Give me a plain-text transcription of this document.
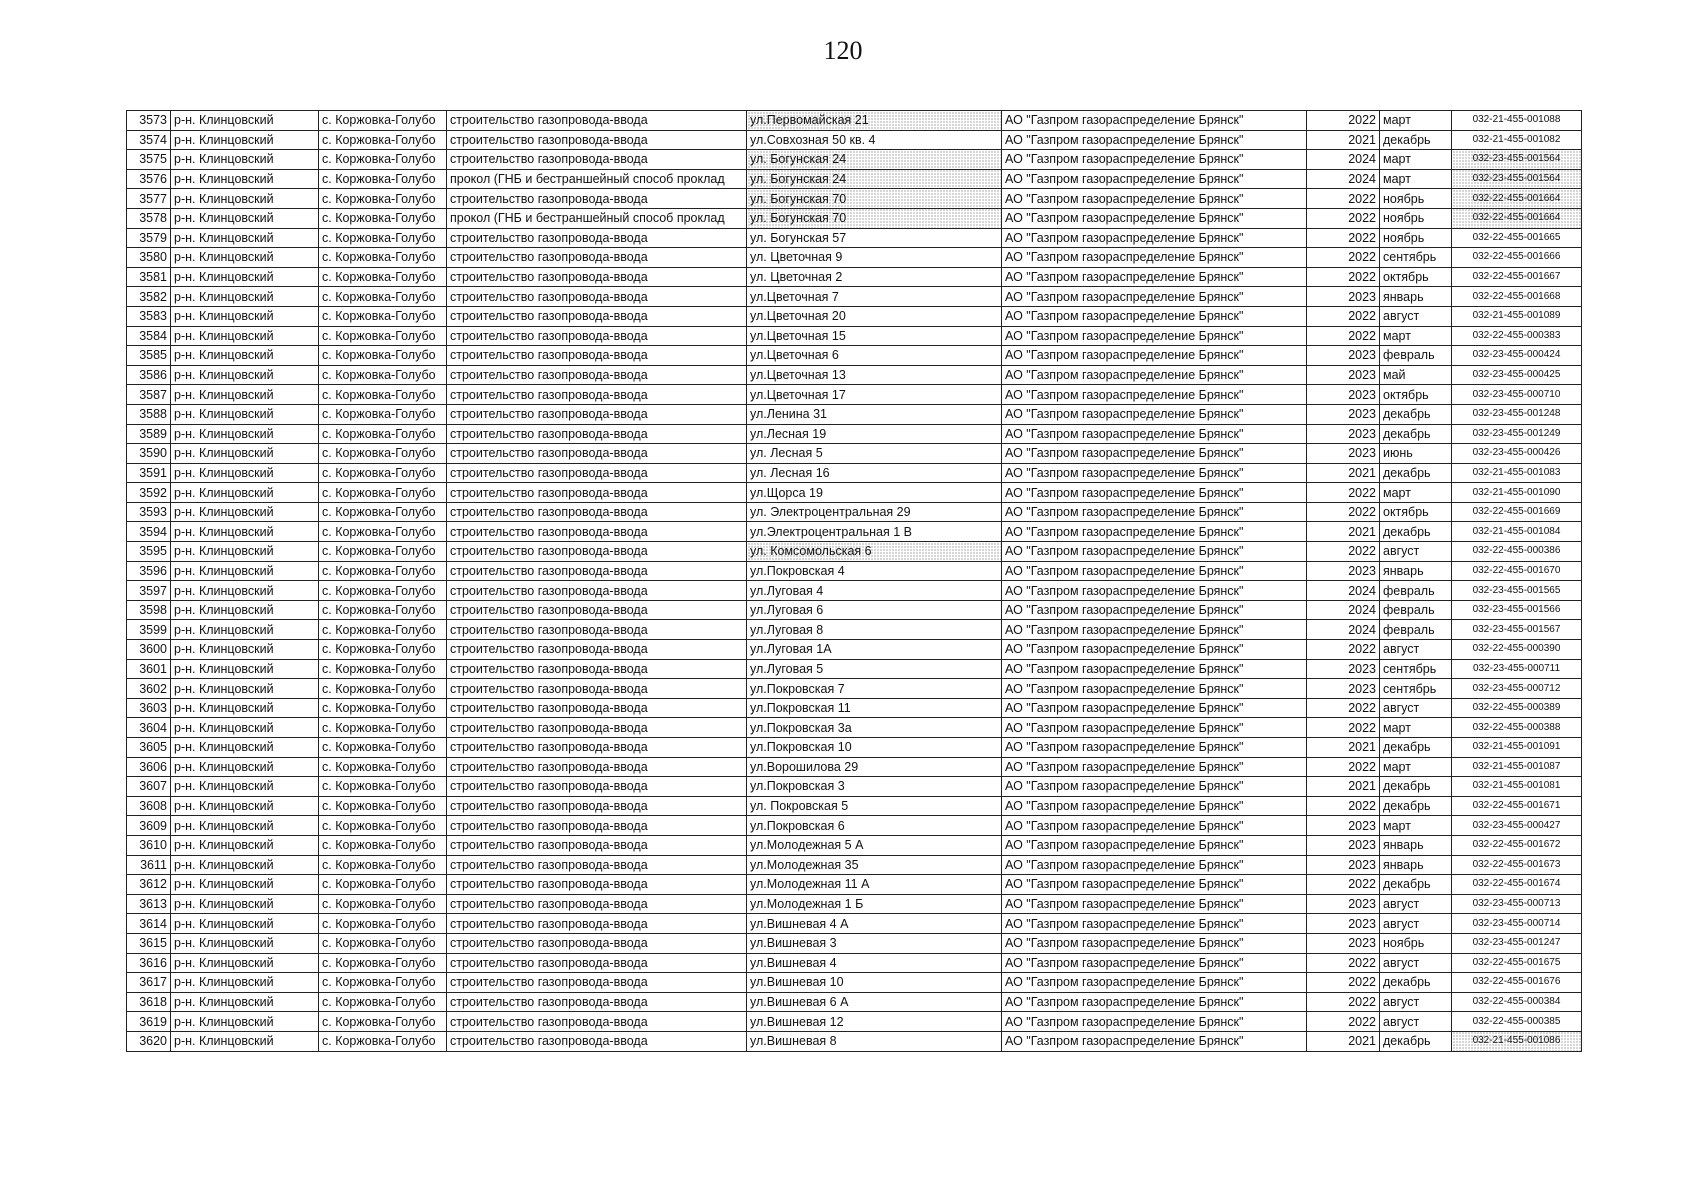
120
3573	р-н. Клинцовский	с. Коржовка-Голубо	строительство газопровода-ввода	ул.Первомайская 21	АО "Газпром газораспределение Брянск"	2022	март	032-21-455-001088
3574	р-н. Клинцовский	с. Коржовка-Голубо	строительство газопровода-ввода	ул.Совхозная 50 кв. 4	АО "Газпром газораспределение Брянск"	2021	декабрь	032-21-455-001082
3575	р-н. Клинцовский	с. Коржовка-Голубо	строительство газопровода-ввода	ул. Богунская 24	АО "Газпром газораспределение Брянск"	2024	март	032-23-455-001564
3576	р-н. Клинцовский	с. Коржовка-Голубо	прокол (ГНБ и бестраншейный способ проклад	ул. Богунская 24	АО "Газпром газораспределение Брянск"	2024	март	032-23-455-001564
3577	р-н. Клинцовский	с. Коржовка-Голубо	строительство газопровода-ввода	ул. Богунская 70	АО "Газпром газораспределение Брянск"	2022	ноябрь	032-22-455-001664
3578	р-н. Клинцовский	с. Коржовка-Голубо	прокол (ГНБ и бестраншейный способ проклад	ул. Богунская 70	АО "Газпром газораспределение Брянск"	2022	ноябрь	032-22-455-001664
3579	р-н. Клинцовский	с. Коржовка-Голубо	строительство газопровода-ввода	ул. Богунская 57	АО "Газпром газораспределение Брянск"	2022	ноябрь	032-22-455-001665
3580	р-н. Клинцовский	с. Коржовка-Голубо	строительство газопровода-ввода	ул. Цветочная 9	АО "Газпром газораспределение Брянск"	2022	сентябрь	032-22-455-001666
3581	р-н. Клинцовский	с. Коржовка-Голубо	строительство газопровода-ввода	ул. Цветочная 2	АО "Газпром газораспределение Брянск"	2022	октябрь	032-22-455-001667
3582	р-н. Клинцовский	с. Коржовка-Голубо	строительство газопровода-ввода	ул.Цветочная 7	АО "Газпром газораспределение Брянск"	2023	январь	032-22-455-001668
3583	р-н. Клинцовский	с. Коржовка-Голубо	строительство газопровода-ввода	ул.Цветочная 20	АО "Газпром газораспределение Брянск"	2022	август	032-21-455-001089
3584	р-н. Клинцовский	с. Коржовка-Голубо	строительство газопровода-ввода	ул.Цветочная 15	АО "Газпром газораспределение Брянск"	2022	март	032-22-455-000383
3585	р-н. Клинцовский	с. Коржовка-Голубо	строительство газопровода-ввода	ул.Цветочная 6	АО "Газпром газораспределение Брянск"	2023	февраль	032-23-455-000424
3586	р-н. Клинцовский	с. Коржовка-Голубо	строительство газопровода-ввода	ул.Цветочная 13	АО "Газпром газораспределение Брянск"	2023	май	032-23-455-000425
3587	р-н. Клинцовский	с. Коржовка-Голубо	строительство газопровода-ввода	ул.Цветочная 17	АО "Газпром газораспределение Брянск"	2023	октябрь	032-23-455-000710
3588	р-н. Клинцовский	с. Коржовка-Голубо	строительство газопровода-ввода	ул.Ленина 31	АО "Газпром газораспределение Брянск"	2023	декабрь	032-23-455-001248
3589	р-н. Клинцовский	с. Коржовка-Голубо	строительство газопровода-ввода	ул.Лесная 19	АО "Газпром газораспределение Брянск"	2023	декабрь	032-23-455-001249
3590	р-н. Клинцовский	с. Коржовка-Голубо	строительство газопровода-ввода	ул. Лесная 5	АО "Газпром газораспределение Брянск"	2023	июнь	032-23-455-000426
3591	р-н. Клинцовский	с. Коржовка-Голубо	строительство газопровода-ввода	ул. Лесная 16	АО "Газпром газораспределение Брянск"	2021	декабрь	032-21-455-001083
3592	р-н. Клинцовский	с. Коржовка-Голубо	строительство газопровода-ввода	ул.Щорса 19	АО "Газпром газораспределение Брянск"	2022	март	032-21-455-001090
3593	р-н. Клинцовский	с. Коржовка-Голубо	строительство газопровода-ввода	ул. Электроцентральная 29	АО "Газпром газораспределение Брянск"	2022	октябрь	032-22-455-001669
3594	р-н. Клинцовский	с. Коржовка-Голубо	строительство газопровода-ввода	ул.Электроцентральная 1 В	АО "Газпром газораспределение Брянск"	2021	декабрь	032-21-455-001084
3595	р-н. Клинцовский	с. Коржовка-Голубо	строительство газопровода-ввода	ул. Комсомольская 6	АО "Газпром газораспределение Брянск"	2022	август	032-22-455-000386
3596	р-н. Клинцовский	с. Коржовка-Голубо	строительство газопровода-ввода	ул.Покровская 4	АО "Газпром газораспределение Брянск"	2023	январь	032-22-455-001670
3597	р-н. Клинцовский	с. Коржовка-Голубо	строительство газопровода-ввода	ул.Луговая 4	АО "Газпром газораспределение Брянск"	2024	февраль	032-23-455-001565
3598	р-н. Клинцовский	с. Коржовка-Голубо	строительство газопровода-ввода	ул.Луговая 6	АО "Газпром газораспределение Брянск"	2024	февраль	032-23-455-001566
3599	р-н. Клинцовский	с. Коржовка-Голубо	строительство газопровода-ввода	ул.Луговая 8	АО "Газпром газораспределение Брянск"	2024	февраль	032-23-455-001567
3600	р-н. Клинцовский	с. Коржовка-Голубо	строительство газопровода-ввода	ул.Луговая 1А	АО "Газпром газораспределение Брянск"	2022	август	032-22-455-000390
3601	р-н. Клинцовский	с. Коржовка-Голубо	строительство газопровода-ввода	ул.Луговая 5	АО "Газпром газораспределение Брянск"	2023	сентябрь	032-23-455-000711
3602	р-н. Клинцовский	с. Коржовка-Голубо	строительство газопровода-ввода	ул.Покровская 7	АО "Газпром газораспределение Брянск"	2023	сентябрь	032-23-455-000712
3603	р-н. Клинцовский	с. Коржовка-Голубо	строительство газопровода-ввода	ул.Покровская 11	АО "Газпром газораспределение Брянск"	2022	август	032-22-455-000389
3604	р-н. Клинцовский	с. Коржовка-Голубо	строительство газопровода-ввода	ул.Покровская 3а	АО "Газпром газораспределение Брянск"	2022	март	032-22-455-000388
3605	р-н. Клинцовский	с. Коржовка-Голубо	строительство газопровода-ввода	ул.Покровская 10	АО "Газпром газораспределение Брянск"	2021	декабрь	032-21-455-001091
3606	р-н. Клинцовский	с. Коржовка-Голубо	строительство газопровода-ввода	ул.Ворошилова 29	АО "Газпром газораспределение Брянск"	2022	март	032-21-455-001087
3607	р-н. Клинцовский	с. Коржовка-Голубо	строительство газопровода-ввода	ул.Покровская 3	АО "Газпром газораспределение Брянск"	2021	декабрь	032-21-455-001081
3608	р-н. Клинцовский	с. Коржовка-Голубо	строительство газопровода-ввода	ул. Покровская 5	АО "Газпром газораспределение Брянск"	2022	декабрь	032-22-455-001671
3609	р-н. Клинцовский	с. Коржовка-Голубо	строительство газопровода-ввода	ул.Покровская 6	АО "Газпром газораспределение Брянск"	2023	март	032-23-455-000427
3610	р-н. Клинцовский	с. Коржовка-Голубо	строительство газопровода-ввода	ул.Молодежная 5 А	АО "Газпром газораспределение Брянск"	2023	январь	032-22-455-001672
3611	р-н. Клинцовский	с. Коржовка-Голубо	строительство газопровода-ввода	ул.Молодежная 35	АО "Газпром газораспределение Брянск"	2023	январь	032-22-455-001673
3612	р-н. Клинцовский	с. Коржовка-Голубо	строительство газопровода-ввода	ул.Молодежная 11 А	АО "Газпром газораспределение Брянск"	2022	декабрь	032-22-455-001674
3613	р-н. Клинцовский	с. Коржовка-Голубо	строительство газопровода-ввода	ул.Молодежная 1 Б	АО "Газпром газораспределение Брянск"	2023	август	032-23-455-000713
3614	р-н. Клинцовский	с. Коржовка-Голубо	строительство газопровода-ввода	ул.Вишневая 4 А	АО "Газпром газораспределение Брянск"	2023	август	032-23-455-000714
3615	р-н. Клинцовский	с. Коржовка-Голубо	строительство газопровода-ввода	ул.Вишневая 3	АО "Газпром газораспределение Брянск"	2023	ноябрь	032-23-455-001247
3616	р-н. Клинцовский	с. Коржовка-Голубо	строительство газопровода-ввода	ул.Вишневая 4	АО "Газпром газораспределение Брянск"	2022	август	032-22-455-001675
3617	р-н. Клинцовский	с. Коржовка-Голубо	строительство газопровода-ввода	ул.Вишневая 10	АО "Газпром газораспределение Брянск"	2022	декабрь	032-22-455-001676
3618	р-н. Клинцовский	с. Коржовка-Голубо	строительство газопровода-ввода	ул.Вишневая 6 А	АО "Газпром газораспределение Брянск"	2022	август	032-22-455-000384
3619	р-н. Клинцовский	с. Коржовка-Голубо	строительство газопровода-ввода	ул.Вишневая 12	АО "Газпром газораспределение Брянск"	2022	август	032-22-455-000385
3620	р-н. Клинцовский	с. Коржовка-Голубо	строительство газопровода-ввода	ул.Вишневая 8	АО "Газпром газораспределение Брянск"	2021	декабрь	032-21-455-001086
